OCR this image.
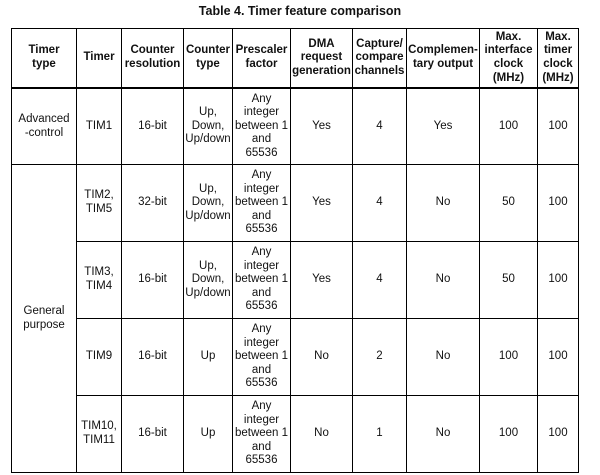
Table 4. Timer feature comparison
Timer
type	Timer	Counter
resolution	Counter
type	Prescaler
factor	DMA
request
generation	Capture/
compare
channels	Complemen-
tary output	Max.
interface
clock
(MHz)	Max.
timer
clock
(MHz)
Advanced
-control	TIM1	16-bit	Up,
Down,
Up/down	Any
integer
between 1
and
65536	Yes	4	Yes	100	100
General
purpose	TIM2,
TIM5	32-bit	Up,
Down,
Up/down	Any
integer
between 1
and
65536	Yes	4	No	50	100
	TIM3,
TIM4	16-bit	Up,
Down,
Up/down	Any
integer
between 1
and
65536	Yes	4	No	50	100
	TIM9	16-bit	Up	Any
integer
between 1
and
65536	No	2	No	100	100
	TIM10,
TIM11	16-bit	Up	Any
integer
between 1
and
65536	No	1	No	100	100
